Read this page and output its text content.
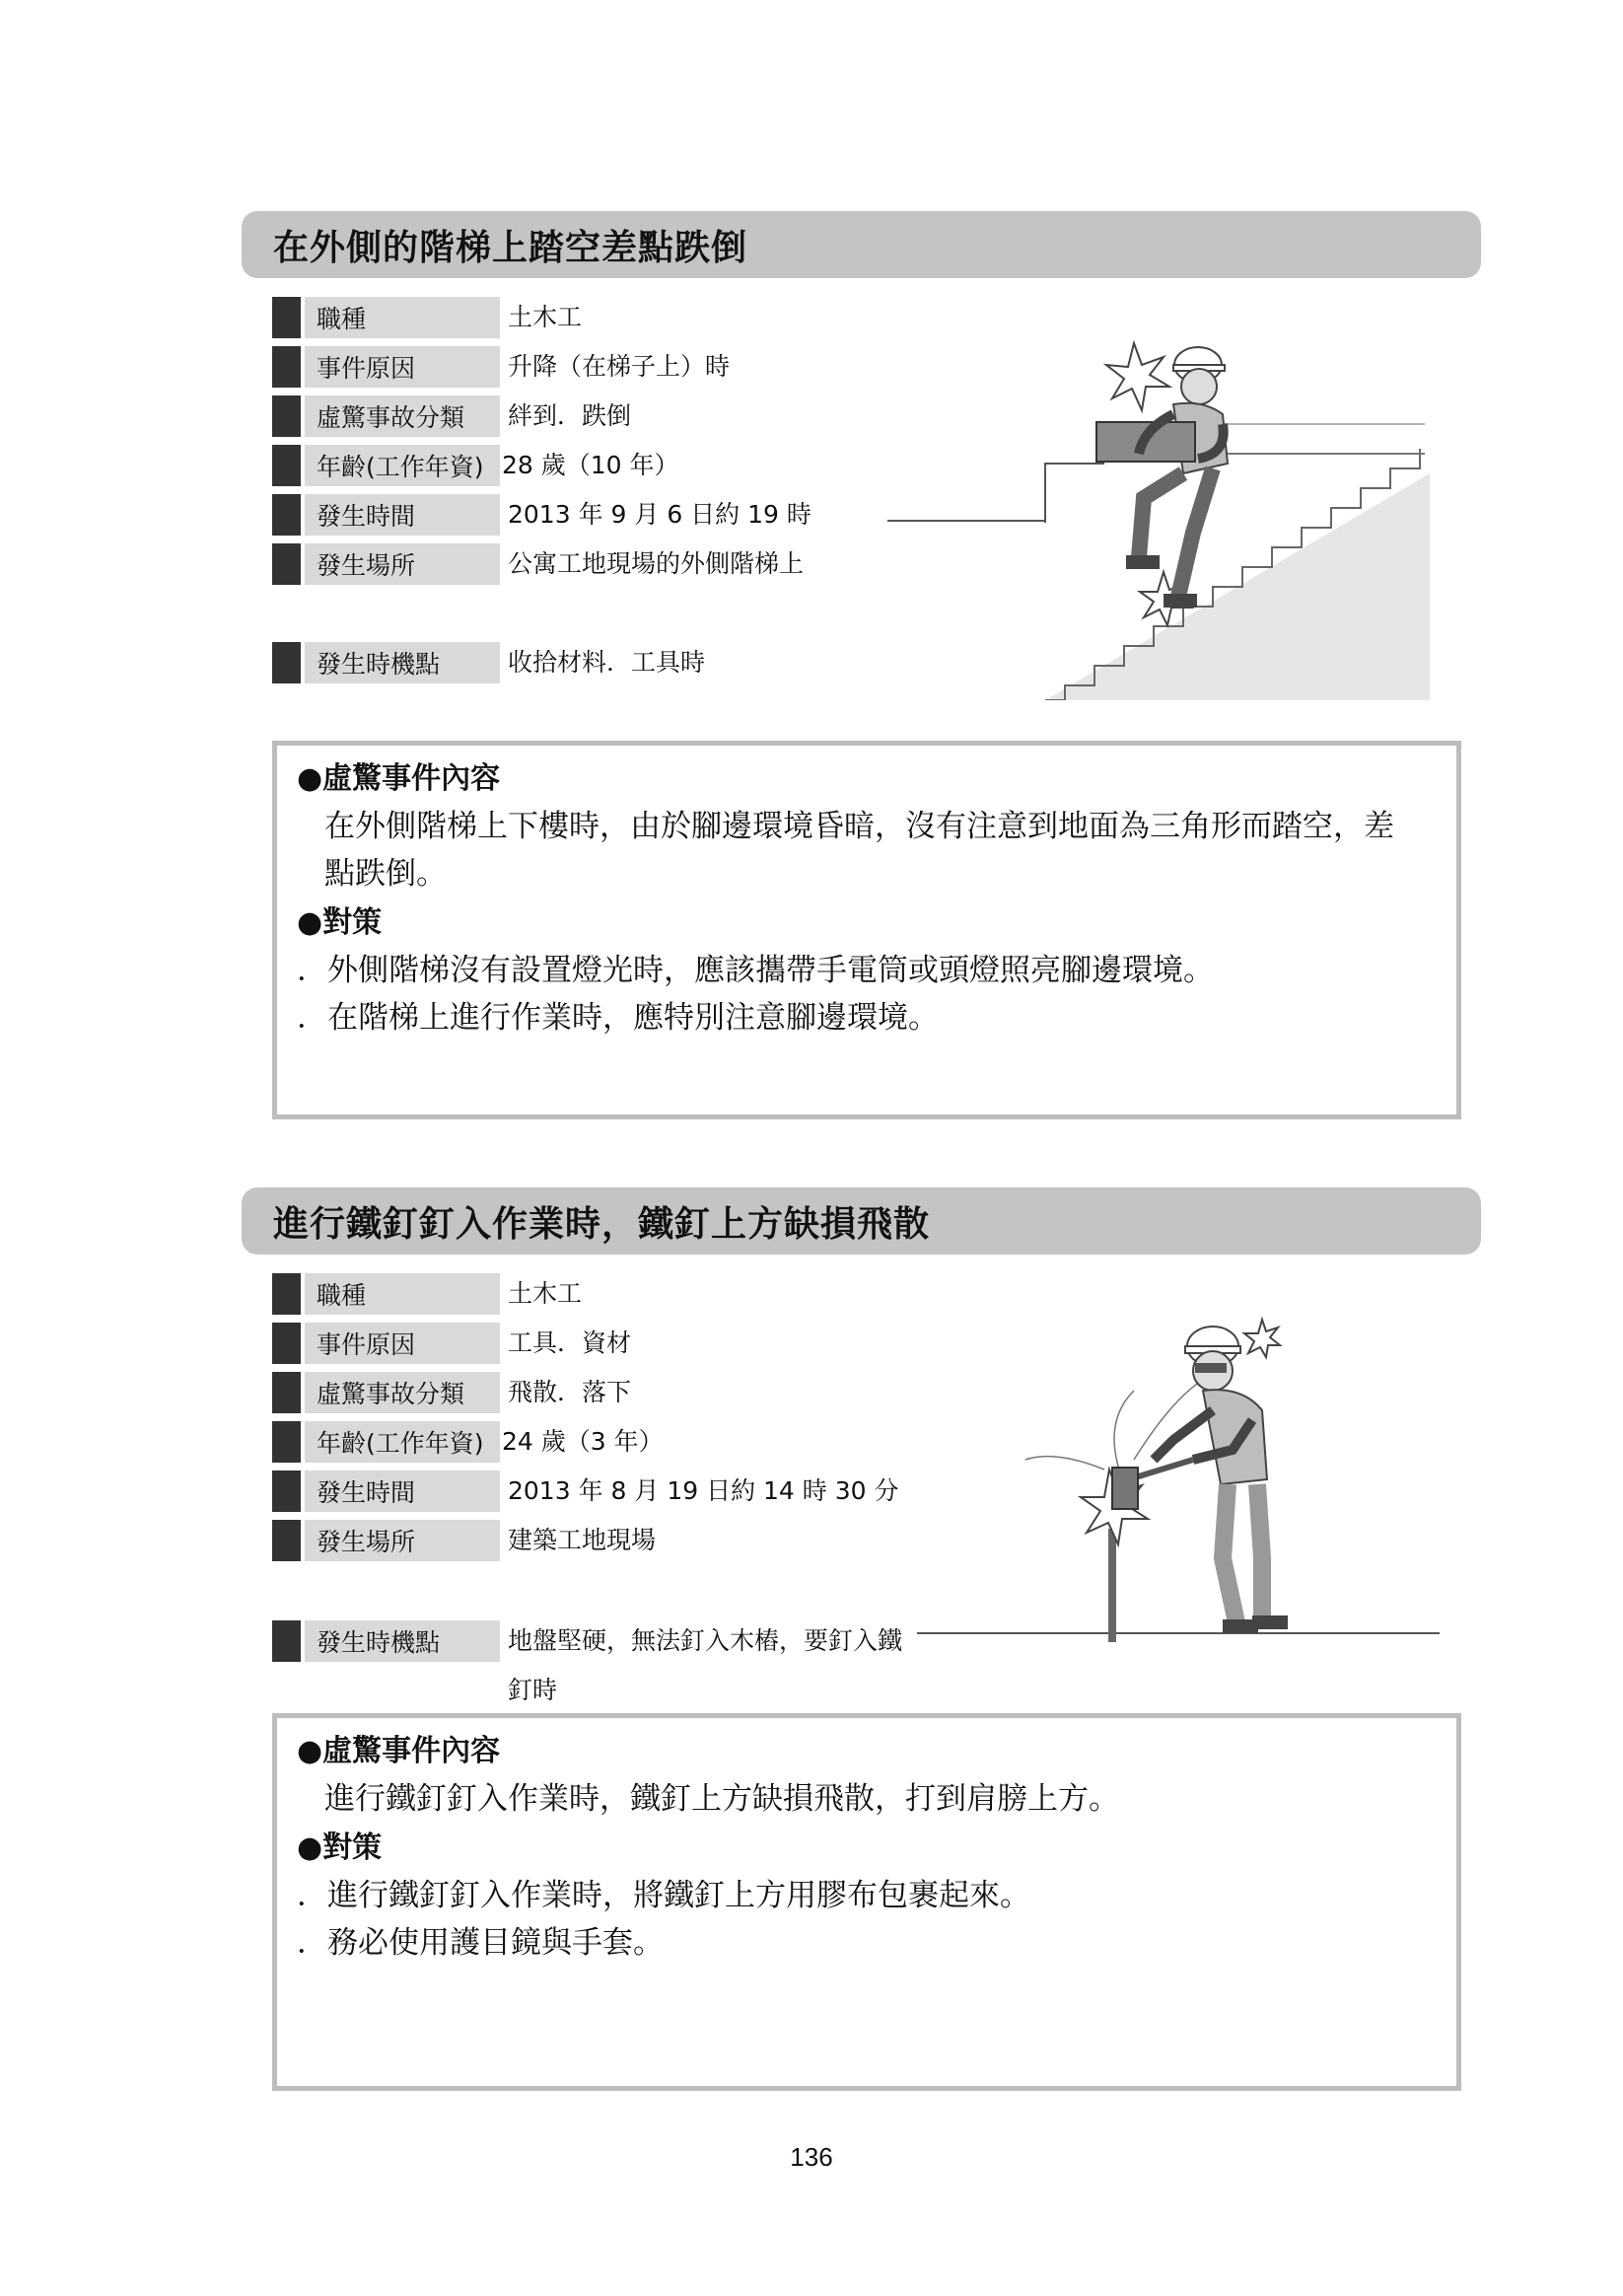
在外側的階梯上踏空差點跌倒
職種	土木工
事件原因	升降（在梯子上）時
虛驚事故分類	絆到．跌倒
年齡(工作年資) 28 歲（10 年）
發生時間	2013 年 9 月 6 日約 19 時
發生場所	公寓工地現場的外側階梯上
發生時機點	收拾材料．工具時
●虛驚事件內容
在外側階梯上下樓時，由於腳邊環境昏暗，沒有注意到地面為三角形而踏空，差點跌倒。
●對策
．外側階梯沒有設置燈光時，應該攜帶手電筒或頭燈照亮腳邊環境。
．在階梯上進行作業時，應特別注意腳邊環境。
進行鐵釘釘入作業時，鐵釘上方缺損飛散
職種	土木工
事件原因	工具．資材
虛驚事故分類	飛散．落下
年齡(工作年資) 24 歲（3 年）
發生時間	2013 年 8 月 19 日約 14 時 30 分
發生場所	建築工地現場
發生時機點	地盤堅硬，無法釘入木樁，要釘入鐵釘時
●虛驚事件內容
進行鐵釘釘入作業時，鐵釘上方缺損飛散，打到肩膀上方。
●對策
．進行鐵釘釘入作業時，將鐵釘上方用膠布包裹起來。
．務必使用護目鏡與手套。
136
